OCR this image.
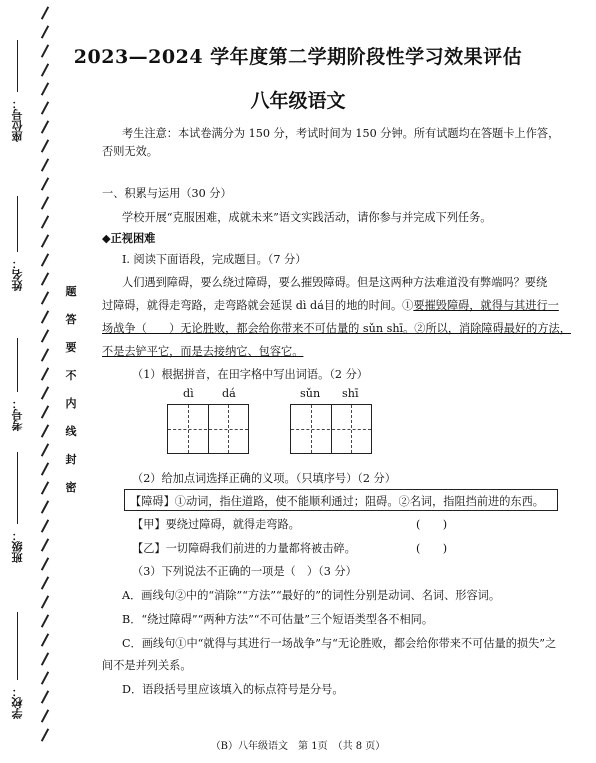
座位号：
姓名：
考号：
班级：
学校：
题
答
要
不
内
线
封
密
2023—2024 学年度第二学期阶段性学习效果评估
八年级语文
考生注意：本试卷满分为 150 分，考试时间为 150 分钟。所有试题均在答题卡上作答，
否则无效。
一、积累与运用（30 分）
学校开展“克服困难，成就未来”语文实践活动，请你参与并完成下列任务。
◆正视困难
Ⅰ. 阅读下面语段，完成题目。（7 分）
人们遇到障碍，要么绕过障碍，要么摧毁障碍。但是这两种方法难道没有弊端吗？要绕
过障碍，就得走弯路，走弯路就会延误 dì dá目的地的时间。①要摧毁障碍，就得与其进行一
场战争（　　）无论胜败，都会给你带来不可估量的 sǔn shī。②所以，消除障碍最好的方法，
不是去铲平它，而是去接纳它、包容它。
（1）根据拼音，在田字格中写出词语。（2 分）
dì	dá	sǔn shī
（2）给加点词选择正确的义项。（只填序号）（2 分）
【障碍】①动词，指住道路，使不能顺利通过；阻碍。②名词，指阻挡前进的东西。
【甲】要绕过障碍，就得走弯路。	(　　)
【乙】一切障碍我们前进的力量都将被击碎。	(　　)
（3）下列说法不正确的一项是（　）（3 分）
A．画线句②中的“消除”“方法”“最好的”的词性分别是动词、名词、形容词。
B．“绕过障碍”“两种方法”“不可估量”三个短语类型各不相同。
C．画线句①中“就得与其进行一场战争”与“无论胜败，都会给你带来不可估量的损失”之
间不是并列关系。
D．语段括号里应该填入的标点符号是分号。
（B）八年级语文　第 1页　（共 8 页）
